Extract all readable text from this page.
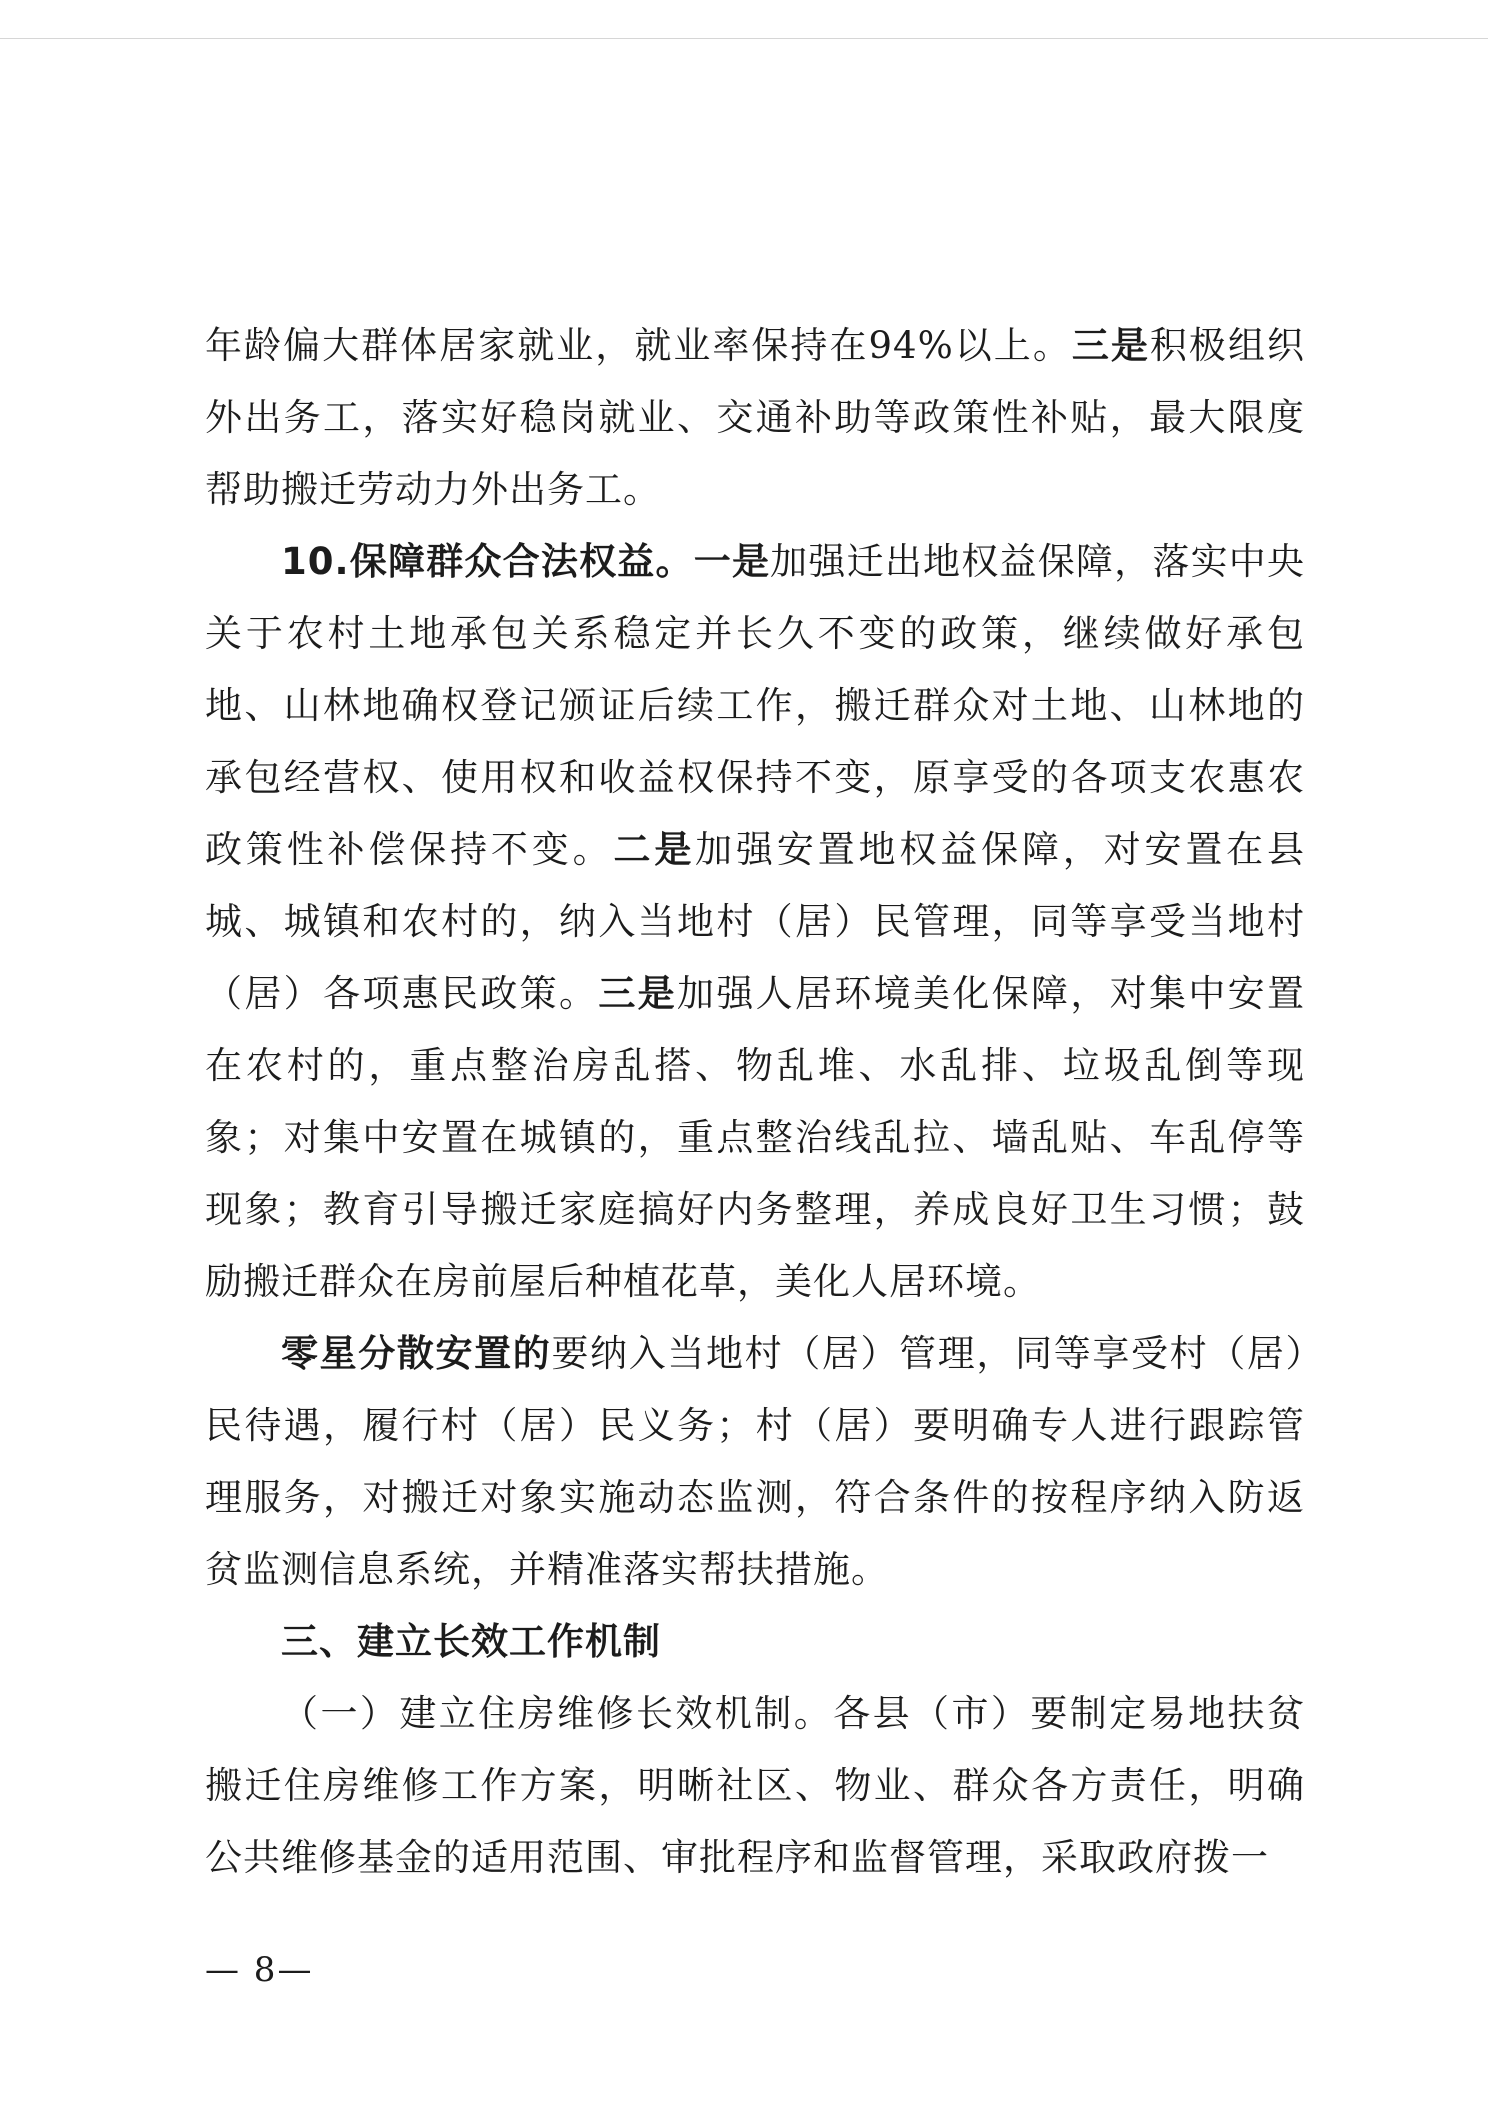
年龄偏大群体居家就业，就业率保持在94%以上。三是积极组织外出务工，落实好稳岗就业、交通补助等政策性补贴，最大限度帮助搬迁劳动力外出务工。

10.保障群众合法权益。一是加强迁出地权益保障，落实中央关于农村土地承包关系稳定并长久不变的政策，继续做好承包地、山林地确权登记颁证后续工作，搬迁群众对土地、山林地的承包经营权、使用权和收益权保持不变，原享受的各项支农惠农政策性补偿保持不变。二是加强安置地权益保障，对安置在县城、城镇和农村的，纳入当地村（居）民管理，同等享受当地村（居）各项惠民政策。三是加强人居环境美化保障，对集中安置在农村的，重点整治房乱搭、物乱堆、水乱排、垃圾乱倒等现象；对集中安置在城镇的，重点整治线乱拉、墙乱贴、车乱停等现象；教育引导搬迁家庭搞好内务整理，养成良好卫生习惯；鼓励搬迁群众在房前屋后种植花草，美化人居环境。

零星分散安置的要纳入当地村（居）管理，同等享受村（居）民待遇，履行村（居）民义务；村（居）要明确专人进行跟踪管理服务，对搬迁对象实施动态监测，符合条件的按程序纳入防返贫监测信息系统，并精准落实帮扶措施。

三、建立长效工作机制

（一）建立住房维修长效机制。各县（市）要制定易地扶贫搬迁住房维修工作方案，明晰社区、物业、群众各方责任，明确公共维修基金的适用范围、审批程序和监督管理，采取政府拨一

— 8—
